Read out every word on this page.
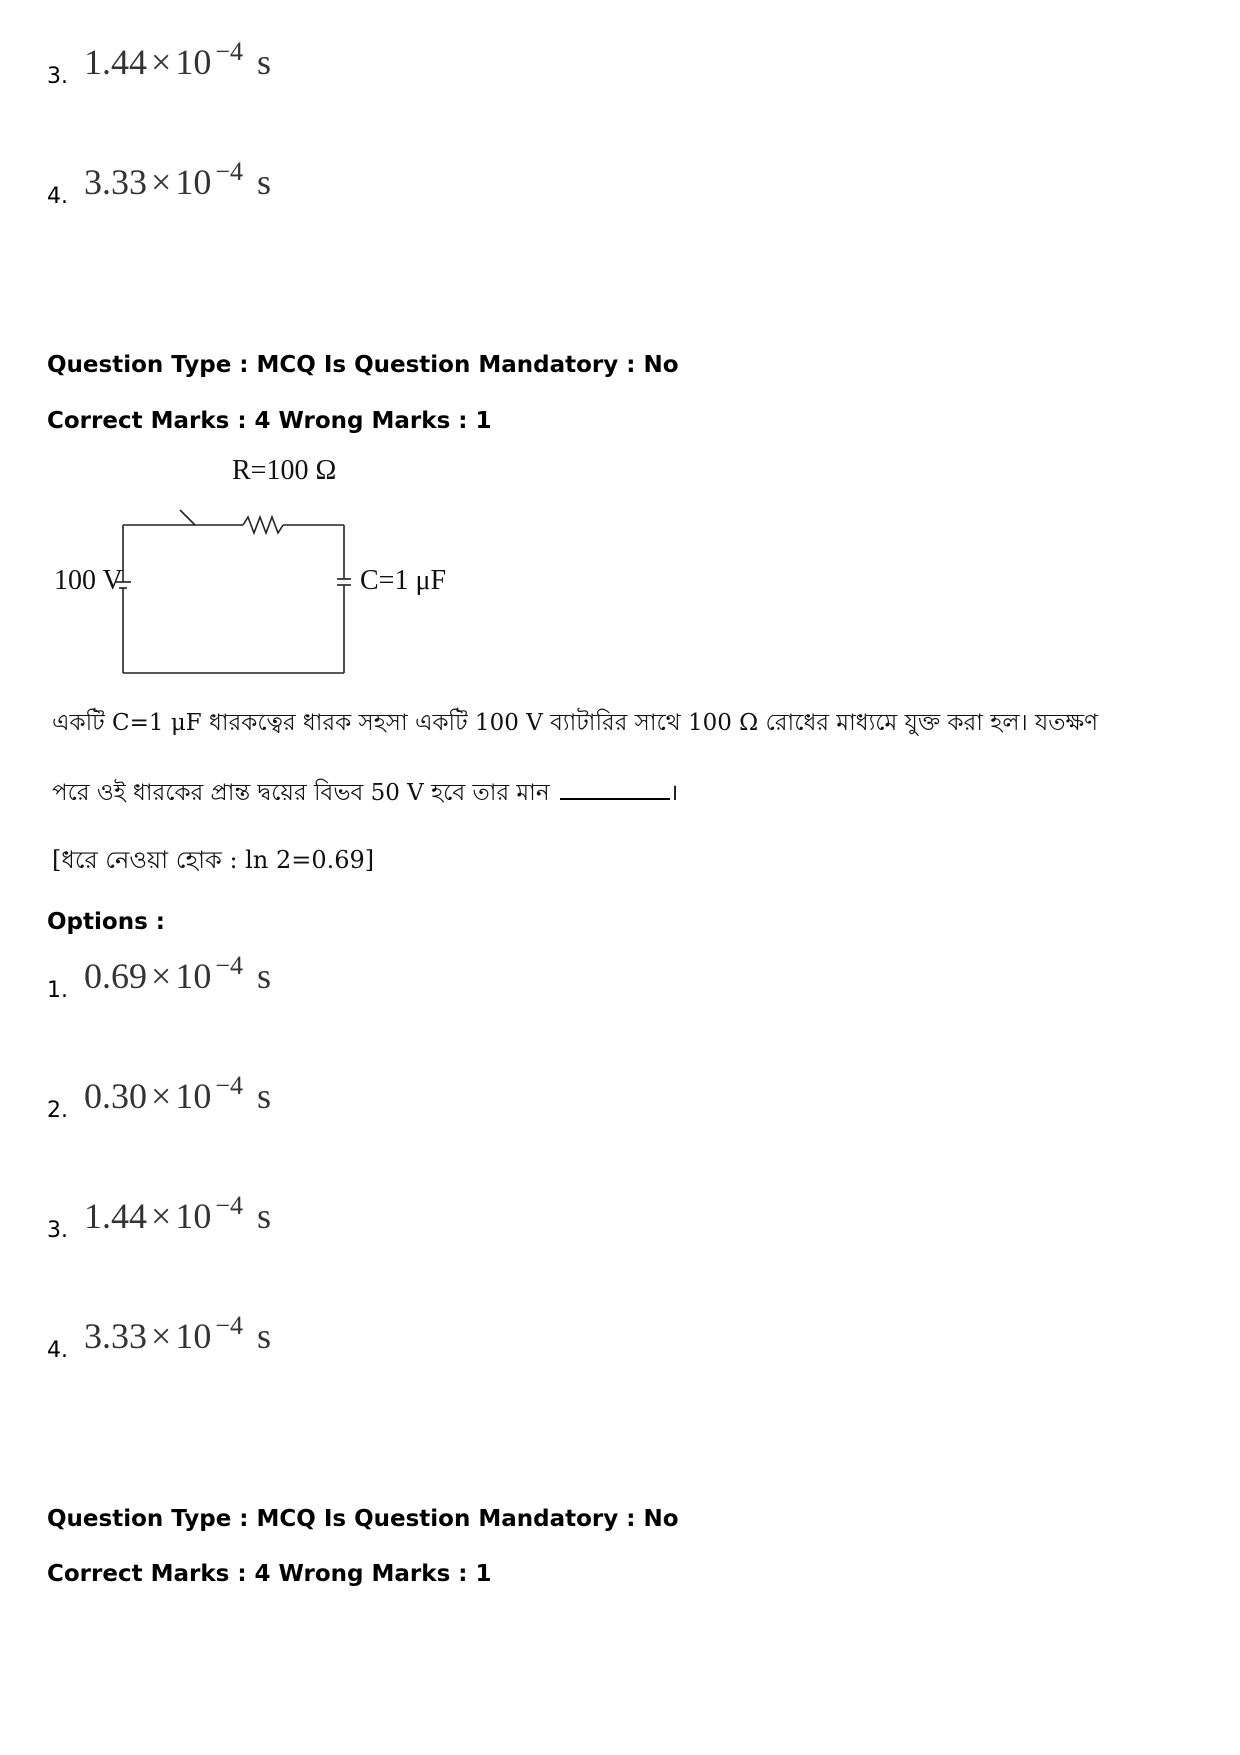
3. 1.44 × 10 $^{-4}$ s
4. 3.33 × 10 $^{-4}$ s
Question Type : MCQ Is Question Mandatory : No
Correct Marks : 4 Wrong Marks : 1
R=100 Ω
100 V	C=1 μF
একটি C=1 μF ধারকত্বের ধারক সহসা একটি 100 V ব্যাটারির সাথে 100 Ω রোধের মাধ্যমে যুক্ত করা হল। যতক্ষণ
পরে ওই ধারকের প্রান্ত দ্বয়ের বিভব 50 V হবে তার মান	।
[ধরে নেওয়া হোক : ln 2=0.69]
Options :
1. 0.69 × 10 $^{-4}$ s
2. 0.30 × 10 $^{-4}$ s
3. 1.44 × 10 $^{-4}$ s
4. 3.33 × 10 $^{-4}$ s
Question Type : MCQ Is Question Mandatory : No
Correct Marks : 4 Wrong Marks : 1
